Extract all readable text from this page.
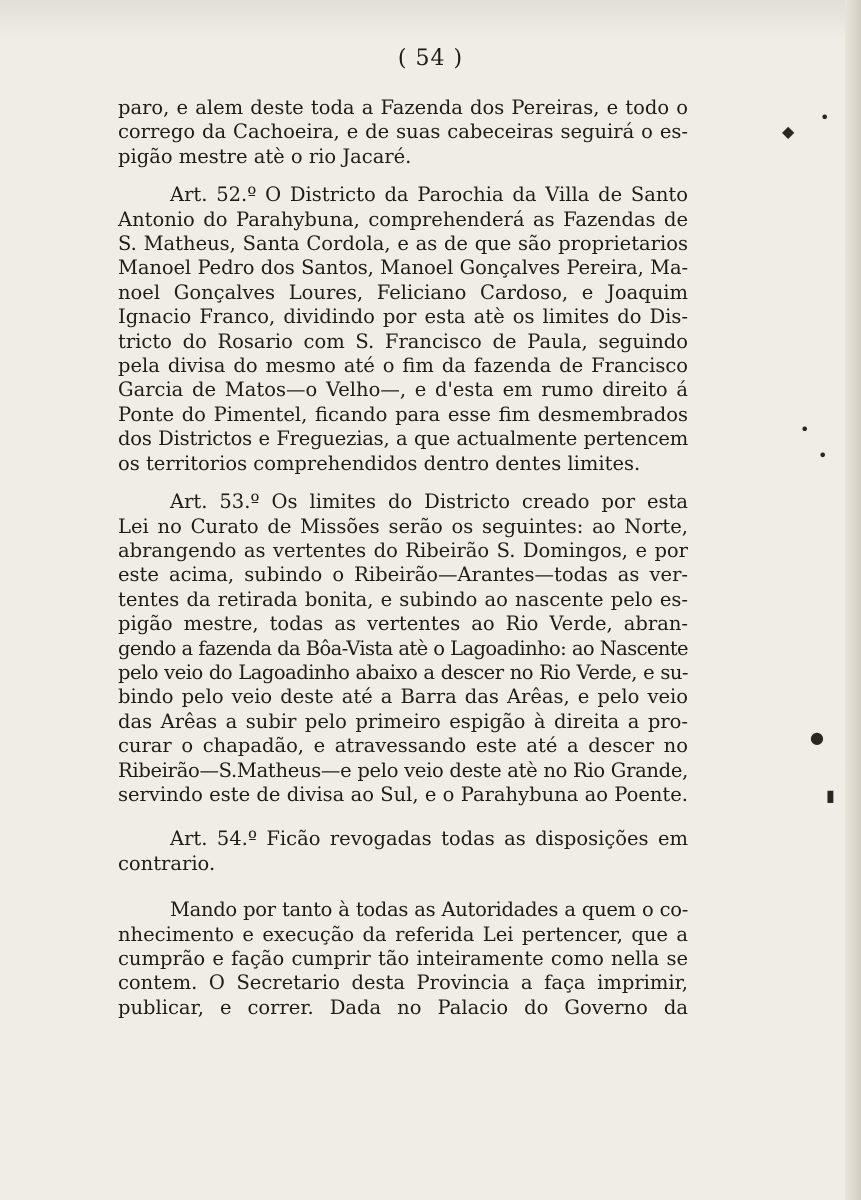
( 54 )

paro, e alem deste toda a Fazenda dos Pereiras, e todo o
corrego da Cachoeira, e de suas cabeceiras seguirá o es-
pigão mestre atè o rio Jacaré.

Art. 52.º O Districto da Parochia da Villa de Santo
Antonio do Parahybuna, comprehenderá as Fazendas de
S. Matheus, Santa Cordola, e as de que são proprietarios
Manoel Pedro dos Santos, Manoel Gonçalves Pereira, Ma-
noel Gonçalves Loures, Feliciano Cardoso, e Joaquim
Ignacio Franco, dividindo por esta atè os limites do Dis-
tricto do Rosario com S. Francisco de Paula, seguindo
pela divisa do mesmo até o fim da fazenda de Francisco
Garcia de Matos—o Velho—, e d'esta em rumo direito á
Ponte do Pimentel, ficando para esse fim desmembrados
dos Districtos e Freguezias, a que actualmente pertencem
os territorios comprehendidos dentro dentes limites.

Art. 53.º Os limites do Districto creado por esta
Lei no Curato de Missões serão os seguintes: ao Norte,
abrangendo as vertentes do Ribeirão S. Domingos, e por
este acima, subindo o Ribeirão—Arantes—todas as ver-
tentes da retirada bonita, e subindo ao nascente pelo es-
pigão mestre, todas as vertentes ao Rio Verde, abran-
gendo a fazenda da Bôa-Vista atè o Lagoadinho: ao Nascente
pelo veio do Lagoadinho abaixo a descer no Rio Verde, e su-
bindo pelo veio deste até a Barra das Arêas, e pelo veio
das Arêas a subir pelo primeiro espigão à direita a pro-
curar o chapadão, e atravessando este até a descer no
Ribeirão—S.Matheus—e pelo veio deste atè no Rio Grande,
servindo este de divisa ao Sul, e o Parahybuna ao Poente.

Art. 54.º Ficão revogadas todas as disposições em
contrario.

Mando por tanto à todas as Autoridades a quem o co-
nhecimento e execução da referida Lei pertencer, que a
cumprão e fação cumprir tão inteiramente como nella se
contem. O Secretario desta Provincia a faça imprimir,
publicar, e correr. Dada no Palacio do Governo da

◆
•
•
•
●
▮
